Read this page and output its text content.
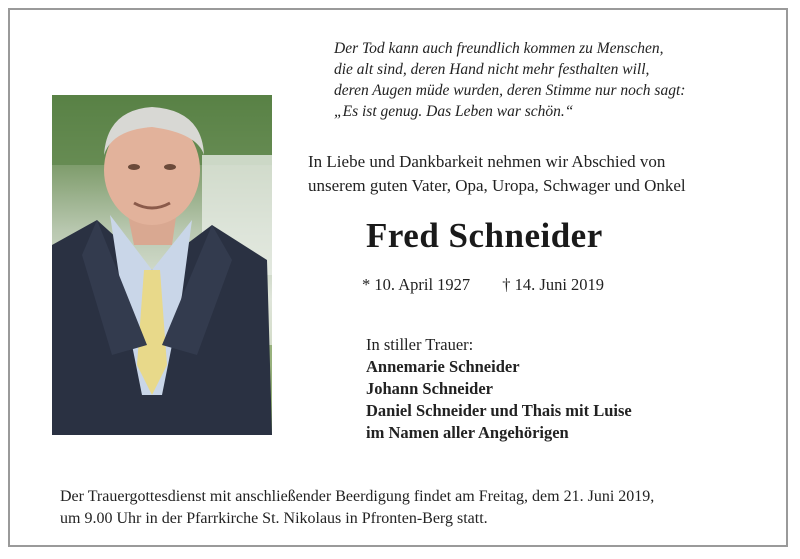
Der Tod kann auch freundlich kommen zu Menschen,
die alt sind, deren Hand nicht mehr festhalten will,
deren Augen müde wurden, deren Stimme nur noch sagt:
„Es ist genug. Das Leben war schön.“
In Liebe und Dankbarkeit nehmen wir Abschied von
unserem guten Vater, Opa, Uropa, Schwager und Onkel
Fred Schneider
* 10. April 1927 † 14. Juni 2019
In stiller Trauer:
Annemarie Schneider
Johann Schneider
Daniel Schneider und Thais mit Luise
im Namen aller Angehörigen
Der Trauergottesdienst mit anschließender Beerdigung findet am Freitag, dem 21. Juni 2019,
um 9.00 Uhr in der Pfarrkirche St. Nikolaus in Pfronten-Berg statt.
